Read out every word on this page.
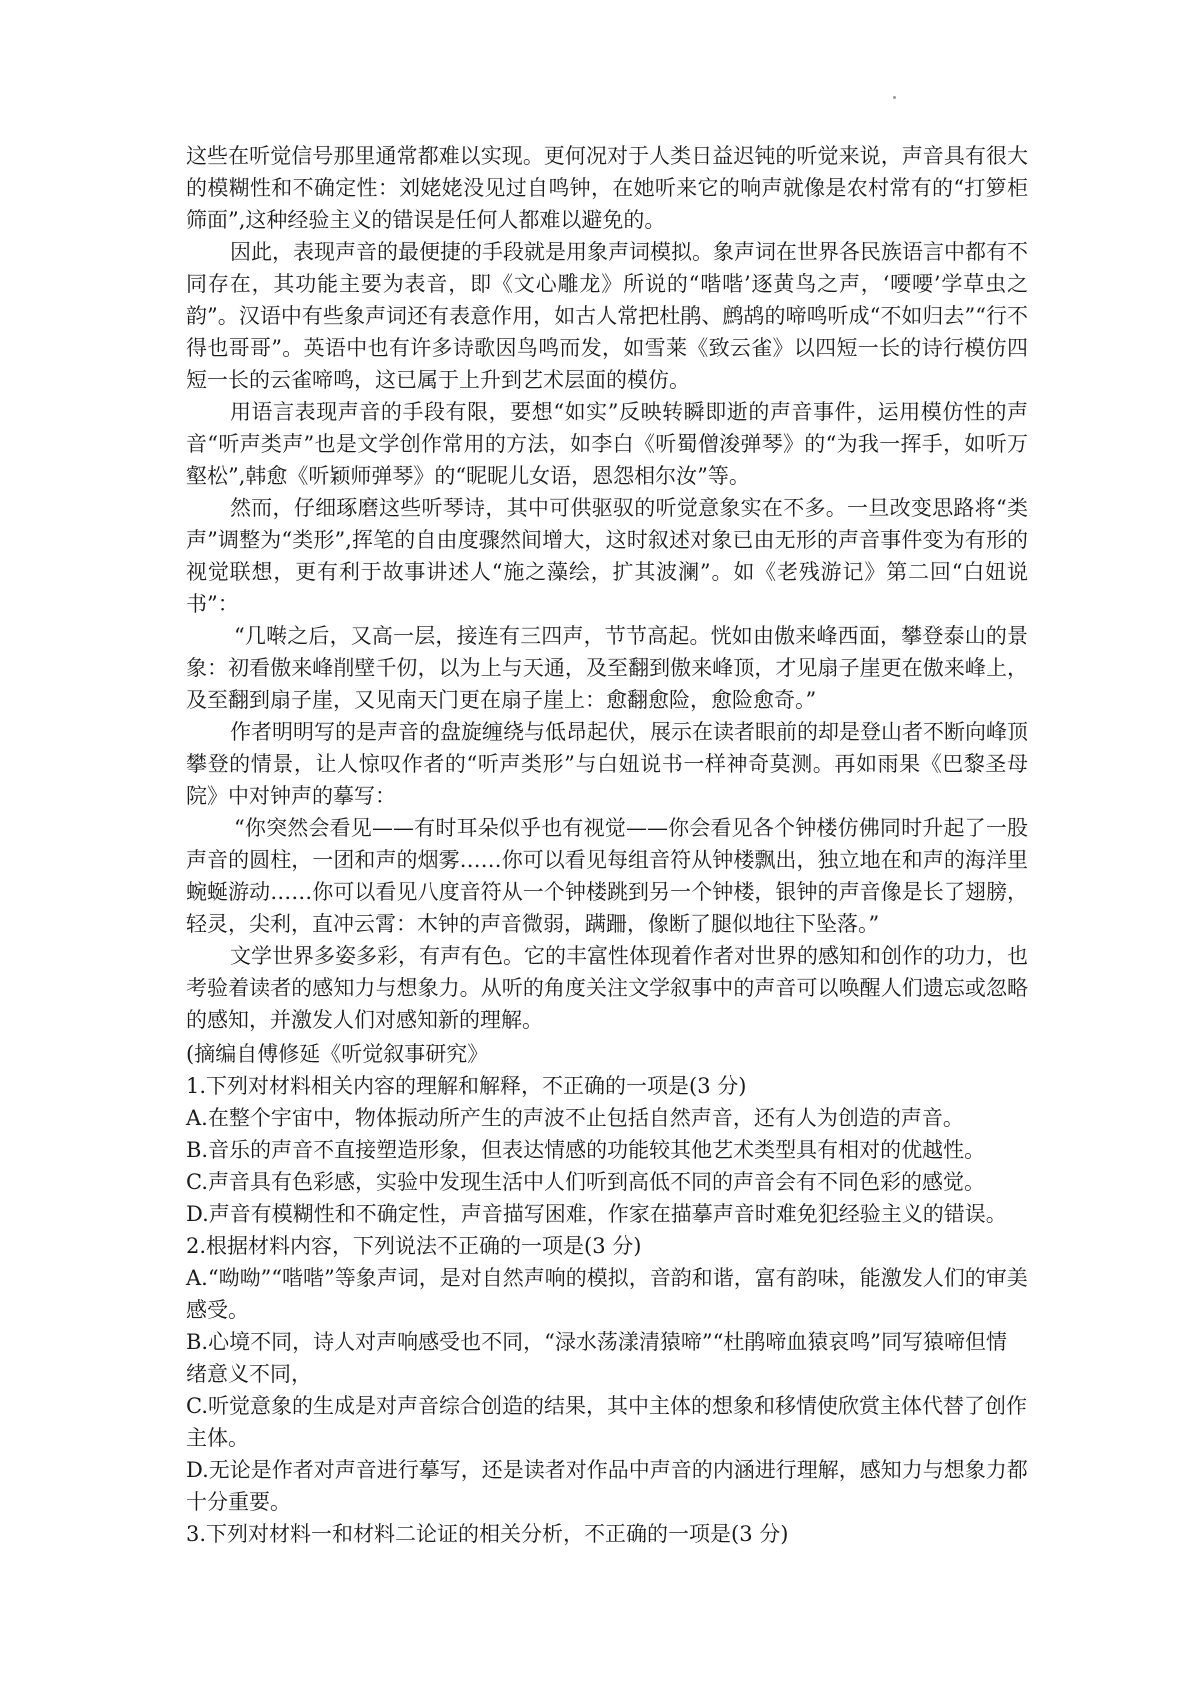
这些在听觉信号那里通常都难以实现。更何况对于人类日益迟钝的听觉来说，声音具有很大的模糊性和不确定性：刘姥姥没见过自鸣钟，在她听来它的响声就像是农村常有的“打箩柜筛面”,这种经验主义的错误是任何人都难以避免的。

因此，表现声音的最便捷的手段就是用象声词模拟。象声词在世界各民族语言中都有不同存在，其功能主要为表音，即《文心雕龙》所说的“喈喈’逐黄鸟之声，‘喓喓’学草虫之韵”。汉语中有些象声词还有表意作用，如古人常把杜鹃、鹧鸪的啼鸣听成“不如归去”“行不得也哥哥”。英语中也有许多诗歌因鸟鸣而发，如雪莱《致云雀》以四短一长的诗行模仿四短一长的云雀啼鸣，这已属于上升到艺术层面的模仿。

用语言表现声音的手段有限，要想“如实”反映转瞬即逝的声音事件，运用模仿性的声音“听声类声”也是文学创作常用的方法，如李白《听蜀僧浚弹琴》的“为我一挥手，如听万壑松”,韩愈《听颖师弹琴》的“昵昵儿女语，恩怨相尔汝”等。

然而，仔细琢磨这些听琴诗，其中可供驱驭的听觉意象实在不多。一旦改变思路将“类声”调整为“类形”,挥笔的自由度骤然间增大，这时叙述对象已由无形的声音事件变为有形的视觉联想，更有利于故事讲述人“施之藻绘，扩其波澜”。如《老残游记》第二回“白妞说书”：

“几啭之后，又高一层，接连有三四声，节节高起。恍如由傲来峰西面，攀登泰山的景象：初看傲来峰削壁千仞，以为上与天通，及至翻到傲来峰顶，才见扇子崖更在傲来峰上，及至翻到扇子崖，又见南天门更在扇子崖上：愈翻愈险，愈险愈奇。”

作者明明写的是声音的盘旋缠绕与低昂起伏，展示在读者眼前的却是登山者不断向峰顶攀登的情景，让人惊叹作者的“听声类形”与白妞说书一样神奇莫测。再如雨果《巴黎圣母院》中对钟声的摹写：

“你突然会看见——有时耳朵似乎也有视觉——你会看见各个钟楼仿佛同时升起了一股声音的圆柱，一团和声的烟雾……你可以看见每组音符从钟楼飘出，独立地在和声的海洋里蜿蜒游动……你可以看见八度音符从一个钟楼跳到另一个钟楼，银钟的声音像是长了翅膀，轻灵，尖利，直冲云霄：木钟的声音微弱，蹒跚，像断了腿似地往下坠落。”

文学世界多姿多彩，有声有色。它的丰富性体现着作者对世界的感知和创作的功力，也考验着读者的感知力与想象力。从听的角度关注文学叙事中的声音可以唤醒人们遗忘或忽略的感知，并激发人们对感知新的理解。

(摘编自傅修延《听觉叙事研究》

1.下列对材料相关内容的理解和解释，不正确的一项是(3 分)

A.在整个宇宙中，物体振动所产生的声波不止包括自然声音，还有人为创造的声音。

B.音乐的声音不直接塑造形象，但表达情感的功能较其他艺术类型具有相对的优越性。

C.声音具有色彩感，实验中发现生活中人们听到高低不同的声音会有不同色彩的感觉。

D.声音有模糊性和不确定性，声音描写困难，作家在描摹声音时难免犯经验主义的错误。

2.根据材料内容，下列说法不正确的一项是(3 分)

A.“呦呦”“喈喈”等象声词，是对自然声响的模拟，音韵和谐，富有韵味，能激发人们的审美感受。

B.心境不同，诗人对声响感受也不同，“渌水荡漾清猿啼”“杜鹃啼血猿哀鸣”同写猿啼但情绪意义不同，

C.听觉意象的生成是对声音综合创造的结果，其中主体的想象和移情使欣赏主体代替了创作主体。

D.无论是作者对声音进行摹写，还是读者对作品中声音的内涵进行理解，感知力与想象力都十分重要。

3.下列对材料一和材料二论证的相关分析，不正确的一项是(3 分)
